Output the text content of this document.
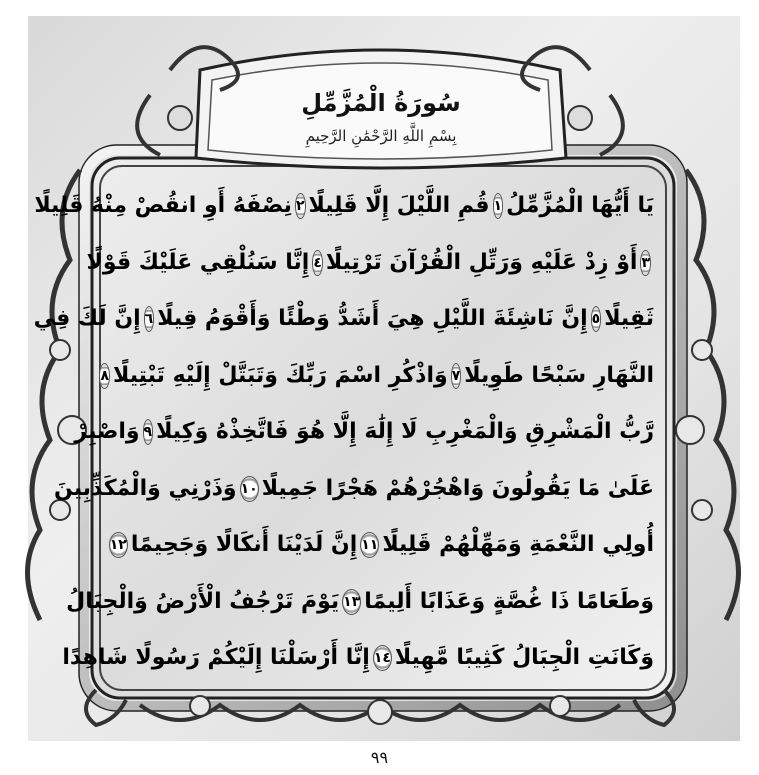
سُورَةُ الْمُزَّمِّلِ
بِسْمِ اللَّهِ الرَّحْمَٰنِ الرَّحِيمِ
يَا أَيُّهَا الْمُزَّمِّلُ
١
قُمِ اللَّيْلَ إِلَّا قَلِيلًا
٢
نِصْفَهُ أَوِ انقُصْ مِنْهُ قَلِيلًا
٣
أَوْ زِدْ عَلَيْهِ وَرَتِّلِ الْقُرْآنَ تَرْتِيلًا
٤
إِنَّا سَنُلْقِي عَلَيْكَ قَوْلًا
ثَقِيلًا
٥
إِنَّ نَاشِئَةَ اللَّيْلِ هِيَ أَشَدُّ وَطْئًا وَأَقْوَمُ قِيلًا
٦
إِنَّ لَكَ فِي
النَّهَارِ سَبْحًا طَوِيلًا
٧
وَاذْكُرِ اسْمَ رَبِّكَ وَتَبَتَّلْ إِلَيْهِ تَبْتِيلًا
٨
رَّبُّ الْمَشْرِقِ وَالْمَغْرِبِ لَا إِلَٰهَ إِلَّا هُوَ فَاتَّخِذْهُ وَكِيلًا
٩
وَاصْبِرْ
عَلَىٰ مَا يَقُولُونَ وَاهْجُرْهُمْ هَجْرًا جَمِيلًا
١٠
وَذَرْنِي وَالْمُكَذِّبِينَ
أُولِي النَّعْمَةِ وَمَهِّلْهُمْ قَلِيلًا
١١
إِنَّ لَدَيْنَا أَنكَالًا وَجَحِيمًا
١٢
وَطَعَامًا ذَا غُصَّةٍ وَعَذَابًا أَلِيمًا
١٣
يَوْمَ تَرْجُفُ الْأَرْضُ وَالْجِبَالُ
وَكَانَتِ الْجِبَالُ كَثِيبًا مَّهِيلًا
١٤
إِنَّا أَرْسَلْنَا إِلَيْكُمْ رَسُولًا شَاهِدًا
٩٩
